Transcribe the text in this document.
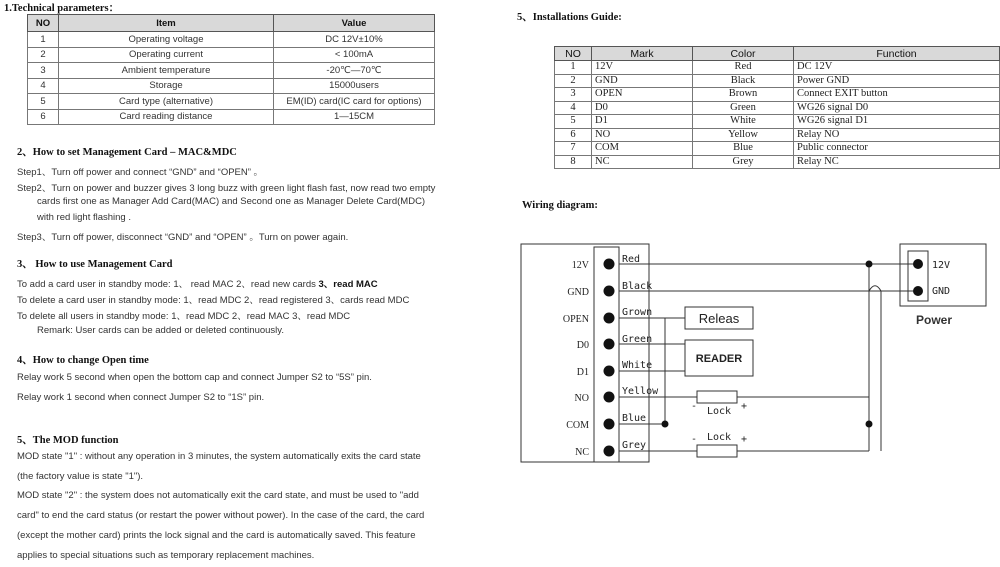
1.Technical parameters：
NO	Item	Value
1	Operating voltage	DC 12V±10%
2	Operating current	< 100mA
3	Ambient temperature	-20℃—70℃
4	Storage	15000users
5	Card type (alternative)	EM(ID) card(IC card for options)
6	Card reading distance	1—15CM
2、How to set Management Card – MAC&MDC
Step1、Turn off power and connect “GND” and “OPEN” 。
Step2、Turn on power and buzzer gives 3 long buzz with green light flash fast, now read two empty
cards first one as Manager Add Card(MAC) and Second one as Manager Delete Card(MDC)
with red light flashing .
Step3、Turn off power, disconnect “GND” and “OPEN” 。Turn on power again.
3、 How to use Management Card
To add a card user in standby mode: 1、 read MAC 2、read new cards 3、read MAC
To delete a card user in standby mode: 1、read MDC 2、read registered 3、cards read MDC
To delete all users in standby mode: 1、read MDC 2、read MAC 3、read MDC
Remark: User cards can be added or deleted continuously.
4、How to change Open time
Relay work 5 second when open the bottom cap and connect Jumper S2 to “5S” pin.
Relay work 1 second when connect Jumper S2 to “1S” pin.
5、The MOD function
MOD state "1" : without any operation in 3 minutes, the system automatically exits the card state
(the factory value is state "1").
MOD state "2" : the system does not automatically exit the card state, and must be used to "add
card" to end the card status (or restart the power without power). In the case of the card, the card
(except the mother card) prints the lock signal and the card is automatically saved. This feature
applies to special situations such as temporary replacement machines.
5、Installations Guide:
NO	Mark	Color	Function
1	12V	Red	DC 12V
2	GND	Black	Power GND
3	OPEN	Brown	Connect EXIT button
4	D0	Green	WG26 signal D0
5	D1	White	WG26 signal D1
6	NO	Yellow	Relay NO
7	COM	Blue	Public connector
8	NC	Grey	Relay NC
Wiring diagram:
12V
GND
OPEN
D0
D1
NO
COM
NC
Red
Black
Grown
Green
White
Yellow
Blue
Grey
Releas
READER
- Lock +
- Lock +
12V
GND
Power
